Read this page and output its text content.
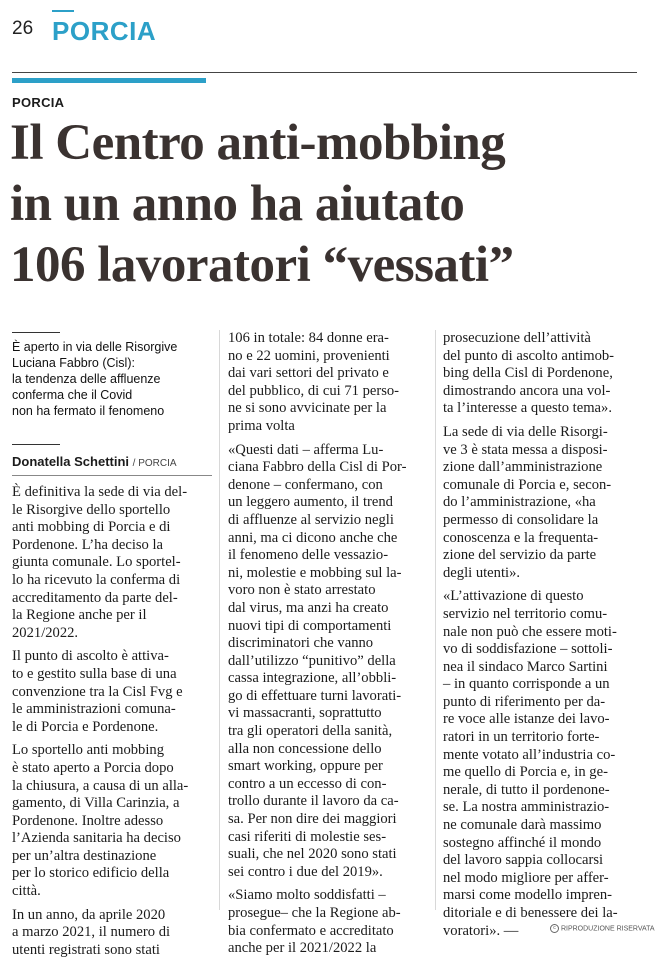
26 PORCIA
PORCIA
Il Centro anti-mobbing
in un anno ha aiutato
106 lavoratori “vessati”
È aperto in via delle Risorgive
Luciana Fabbro (Cisl):
la tendenza delle affluenze
conferma che il Covid
non ha fermato il fenomeno
Donatella Schettini / PORCIA

È definitiva la sede di via del-
le Risorgive dello sportello
anti mobbing di Porcia e di
Pordenone. L’ha deciso la
giunta comunale. Lo sportel-
lo ha ricevuto la conferma di
accreditamento da parte del-
la Regione anche per il
2021/2022.

Il punto di ascolto è attiva-
to e gestito sulla base di una
convenzione tra la Cisl Fvg e
le amministrazioni comuna-
le di Porcia e Pordenone.

Lo sportello anti mobbing
è stato aperto a Porcia dopo
la chiusura, a causa di un alla-
gamento, di Villa Carinzia, a
Pordenone. Inoltre adesso
l’Azienda sanitaria ha deciso
per un’altra destinazione
per lo storico edificio della
città.

In un anno, da aprile 2020
a marzo 2021, il numero di
utenti registrati sono stati

106 in totale: 84 donne era-
no e 22 uomini, provenienti
dai vari settori del privato e
del pubblico, di cui 71 perso-
ne si sono avvicinate per la
prima volta

«Questi dati – afferma Lu-
ciana Fabbro della Cisl di Por-
denone – confermano, con
un leggero aumento, il trend
di affluenze al servizio negli
anni, ma ci dicono anche che
il fenomeno delle vessazio-
ni, molestie e mobbing sul la-
voro non è stato arrestato
dal virus, ma anzi ha creato
nuovi tipi di comportamenti
discriminatori che vanno
dall’utilizzo “punitivo” della
cassa integrazione, all’obbli-
go di effettuare turni lavorati-
vi massacranti, soprattutto
tra gli operatori della sanità,
alla non concessione dello
smart working, oppure per
contro a un eccesso di con-
trollo durante il lavoro da ca-
sa. Per non dire dei maggiori
casi riferiti di molestie ses-
suali, che nel 2020 sono stati
sei contro i due del 2019».

«Siamo molto soddisfatti –
prosegue– che la Regione ab-
bia confermato e accreditato
anche per il 2021/2022 la

prosecuzione dell’attività
del punto di ascolto antimob-
bing della Cisl di Pordenone,
dimostrando ancora una vol-
ta l’interesse a questo tema».

La sede di via delle Risorgi-
ve 3 è stata messa a disposi-
zione dall’amministrazione
comunale di Porcia e, secon-
do l’amministrazione, «ha
permesso di consolidare la
conoscenza e la frequenta-
zione del servizio da parte
degli utenti».

«L’attivazione di questo
servizio nel territorio comu-
nale non può che essere moti-
vo di soddisfazione – sottoli-
nea il sindaco Marco Sartini
– in quanto corrisponde a un
punto di riferimento per da-
re voce alle istanze dei lavo-
ratori in un territorio forte-
mente votato all’industria co-
me quello di Porcia e, in ge-
nerale, di tutto il pordenone-
se. La nostra amministrazio-
ne comunale darà massimo
sostegno affinché il mondo
del lavoro sappia collocarsi
nel modo migliore per affer-
marsi come modello impren-
ditoriale e di benessere dei la-
voratori». —	c RIPRODUZIONE RISERVATA
